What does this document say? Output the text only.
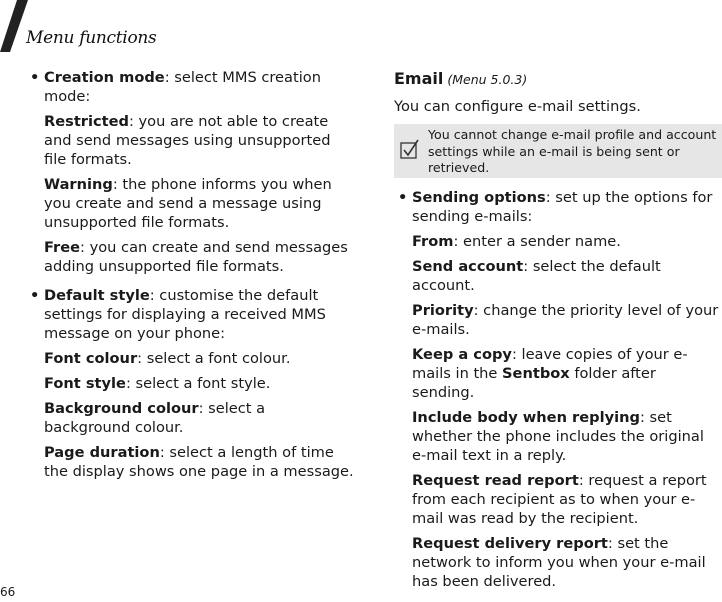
Menu functions
• Creation mode: select MMS creation mode:
Restricted: you are not able to create and send messages using unsupported file formats.
Warning: the phone informs you when you create and send a message using unsupported file formats.
Free: you can create and send messages adding unsupported file formats.
• Default style: customise the default settings for displaying a received MMS message on your phone:
Font colour: select a font colour.
Font style: select a font style.
Background colour: select a background colour.
Page duration: select a length of time the display shows one page in a message.
Email (Menu 5.0.3)
You can configure e-mail settings.
You cannot change e-mail profile and account settings while an e-mail is being sent or retrieved.
• Sending options: set up the options for sending e-mails:
From: enter a sender name.
Send account: select the default account.
Priority: change the priority level of your e-mails.
Keep a copy: leave copies of your e-mails in the Sentbox folder after sending.
Include body when replying: set whether the phone includes the original e-mail text in a reply.
Request read report: request a report from each recipient as to when your e-mail was read by the recipient.
Request delivery report: set the network to inform you when your e-mail has been delivered.
66
